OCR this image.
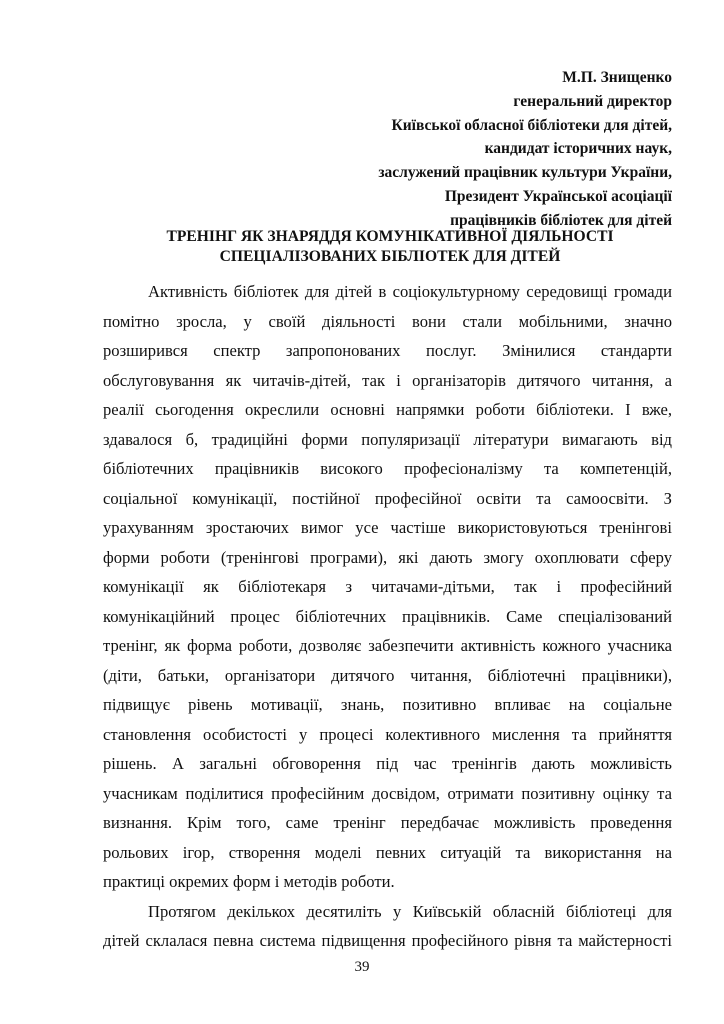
М.П. Знищенко
генеральний директор
Київської обласної бібліотеки для дітей,
кандидат історичних наук,
заслужений працівник культури України,
Президент Української асоціації
працівників бібліотек для дітей
ТРЕНІНГ ЯК ЗНАРЯДДЯ КОМУНІКАТИВНОЇ ДІЯЛЬНОСТІ
СПЕЦІАЛІЗОВАНИХ БІБЛІОТЕК ДЛЯ ДІТЕЙ
Активність бібліотек для дітей в соціокультурному середовищі громади
помітно зросла, у своїй діяльності вони стали мобільними, значно
розширився спектр запропонованих послуг. Змінилися стандарти
обслуговування як читачів-дітей, так і організаторів дитячого читання, а
реалії сьогодення окреслили основні напрямки роботи бібліотеки. І вже,
здавалося б, традиційні форми популяризації літератури вимагають від
бібліотечних працівників високого професіоналізму та компетенцій,
соціальної комунікації, постійної професійної освіти та самоосвіти. З
урахуванням зростаючих вимог усе частіше використовуються тренінгові
форми роботи (тренінгові програми), які дають змогу охоплювати сферу
комунікації як бібліотекаря з читачами-дітьми, так і професійний
комунікаційний процес бібліотечних працівників. Саме спеціалізований
тренінг, як форма роботи, дозволяє забезпечити активність кожного учасника
(діти, батьки, організатори дитячого читання, бібліотечні працівники),
підвищує рівень мотивації, знань, позитивно впливає на соціальне
становлення особистості у процесі колективного мислення та прийняття
рішень. А загальні обговорення під час тренінгів дають можливість
учасникам поділитися професійним досвідом, отримати позитивну оцінку та
визнання. Крім того, саме тренінг передбачає можливість проведення
рольових ігор, створення моделі певних ситуацій та використання на
практиці окремих форм і методів роботи.
Протягом декількох десятиліть у Київській обласній бібліотеці для
дітей склалася певна система підвищення професійного рівня та майстерності
39
